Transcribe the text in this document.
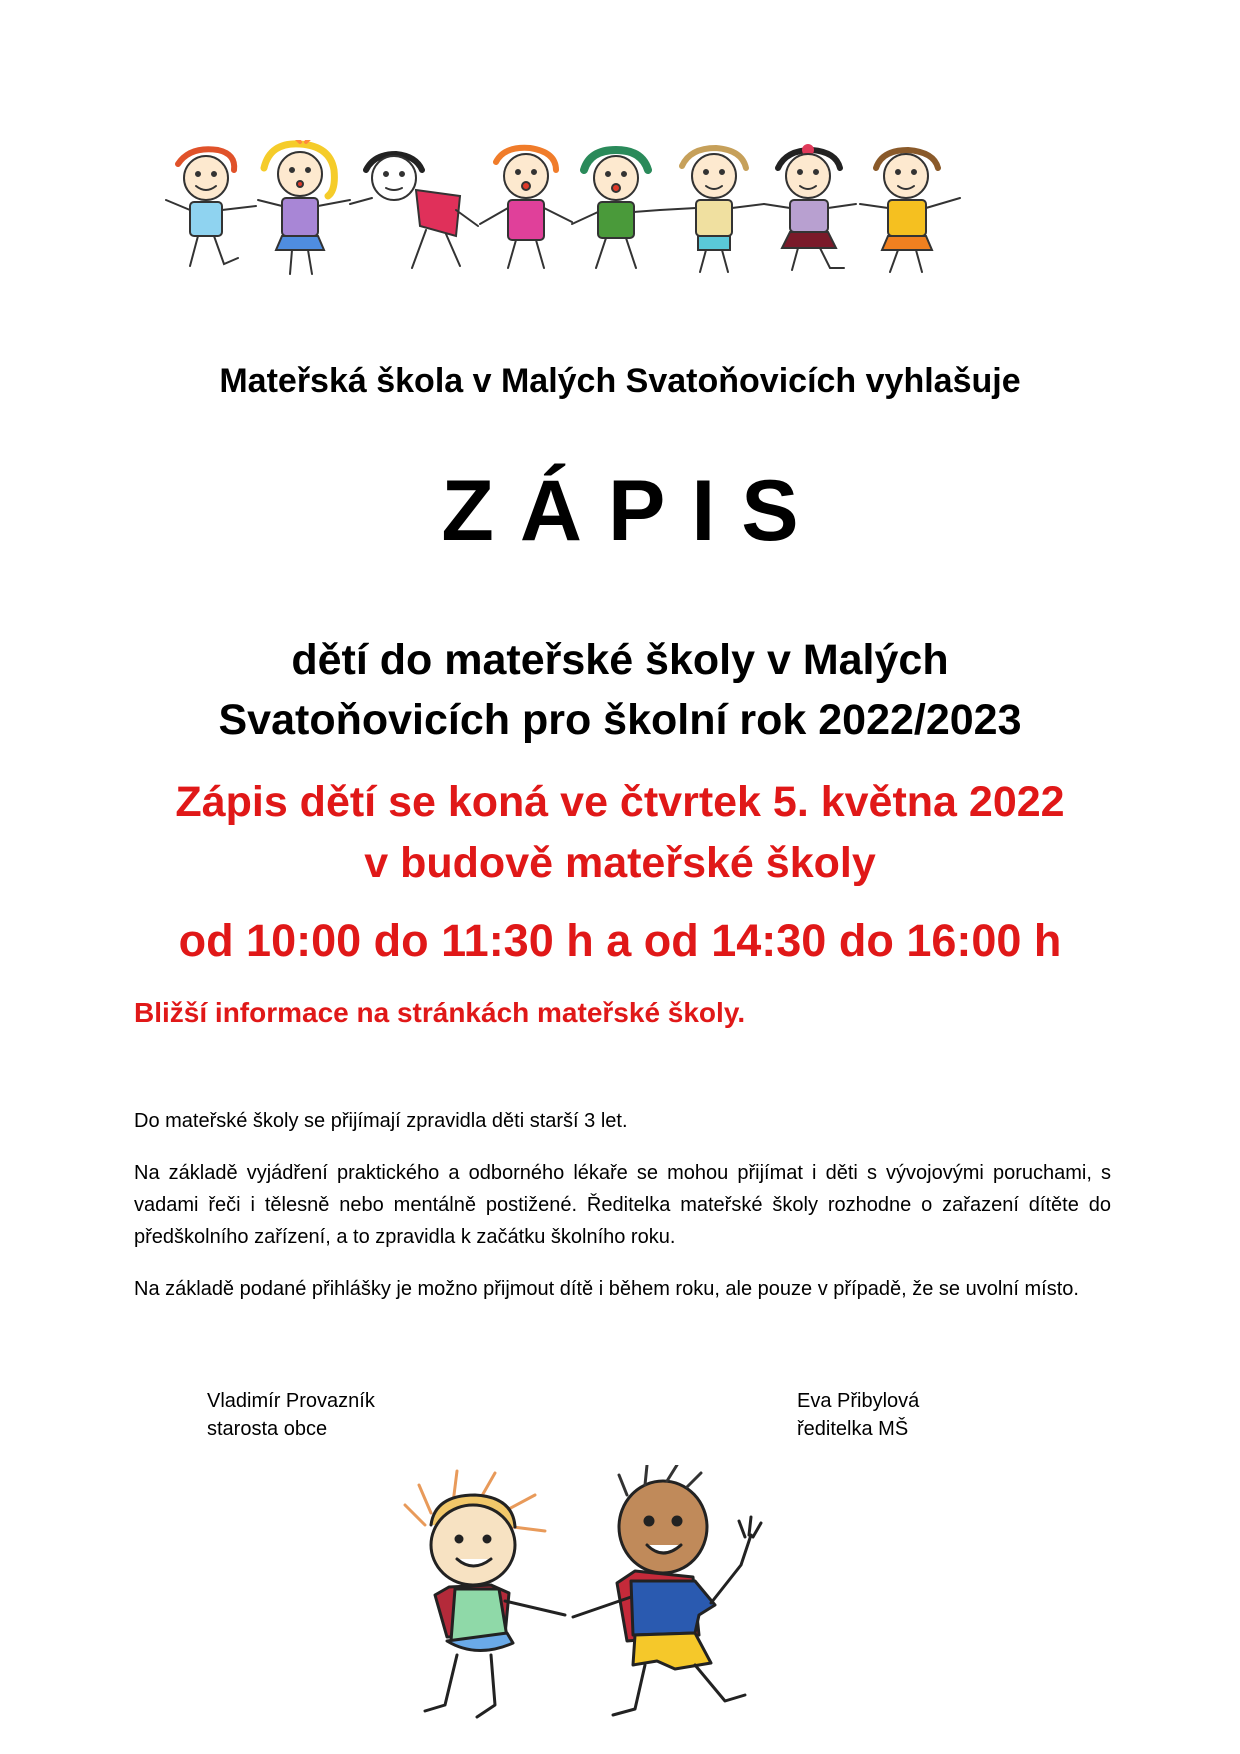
Mateřská škola v Malých Svatoňovicích vyhlašuje
ZÁPIS
dětí do mateřské školy v Malých
Svatoňovicích pro školní rok 2022/2023
Zápis dětí se koná ve čtvrtek 5. května 2022
v budově mateřské školy
od 10:00 do 11:30 h a od 14:30 do 16:00 h
Bližší informace na stránkách mateřské školy.

Do mateřské školy se přijímají zpravidla děti starší 3 let.

Na základě vyjádření praktického a odborného lékaře se mohou přijímat i děti s vývojovými poruchami, s vadami řeči i tělesně nebo mentálně postižené. Ředitelka mateřské školy rozhodne o zařazení dítěte do předškolního zařízení, a to zpravidla k začátku školního roku.

Na základě podané přihlášky je možno přijmout dítě i během roku, ale pouze v případě, že se uvolní místo.

Vladimír Provazník
starosta obce
Eva Přibylová
ředitelka MŠ
